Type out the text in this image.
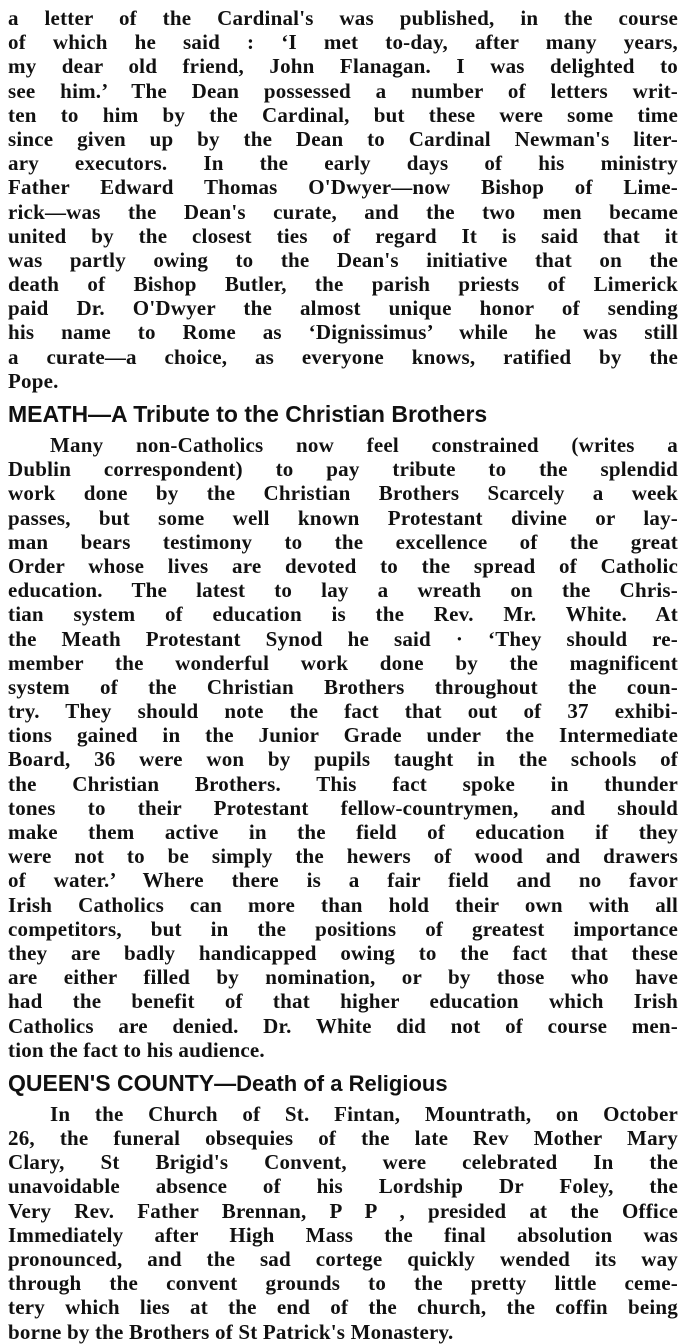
a letter of the Cardinal's was published, in the course
of which he said : ‘I met to-day, after many years,
my dear old friend, John Flanagan. I was delighted to
see him.’ The Dean possessed a number of letters writ-
ten to him by the Cardinal, but these were some time
since given up by the Dean to Cardinal Newman's liter-
ary executors. In the early days of his ministry
Father Edward Thomas O'Dwyer—now Bishop of Lime-
rick—was the Dean's curate, and the two men became
united by the closest ties of regard It is said that it
was partly owing to the Dean's initiative that on the
death of Bishop Butler, the parish priests of Limerick
paid Dr. O'Dwyer the almost unique honor of sending
his name to Rome as ‘Dignissimus’ while he was still
a curate—a choice, as everyone knows, ratified by the
Pope.
MEATH—A Tribute to the Christian Brothers
Many non-Catholics now feel constrained (writes a
Dublin correspondent) to pay tribute to the splendid
work done by the Christian Brothers Scarcely a week
passes, but some well known Protestant divine or lay-
man bears testimony to the excellence of the great
Order whose lives are devoted to the spread of Catholic
education. The latest to lay a wreath on the Chris-
tian system of education is the Rev. Mr. White. At
the Meath Protestant Synod he said · ‘They should re-
member the wonderful work done by the magnificent
system of the Christian Brothers throughout the coun-
try. They should note the fact that out of 37 exhibi-
tions gained in the Junior Grade under the Intermediate
Board, 36 were won by pupils taught in the schools of
the Christian Brothers. This fact spoke in thunder
tones to their Protestant fellow-countrymen, and should
make them active in the field of education if they
were not to be simply the hewers of wood and drawers
of water.’ Where there is a fair field and no favor
Irish Catholics can more than hold their own with all
competitors, but in the positions of greatest importance
they are badly handicapped owing to the fact that these
are either filled by nomination, or by those who have
had the benefit of that higher education which Irish
Catholics are denied. Dr. White did not of course men-
tion the fact to his audience.
QUEEN'S COUNTY—Death of a Religious
In the Church of St. Fintan, Mountrath, on October
26, the funeral obsequies of the late Rev Mother Mary
Clary, St Brigid's Convent, were celebrated In the
unavoidable absence of his Lordship Dr Foley, the
Very Rev. Father Brennan, P P , presided at the Office
Immediately after High Mass the final absolution was
pronounced, and the sad cortege quickly wended its way
through the convent grounds to the pretty little ceme-
tery which lies at the end of the church, the coffin being
borne by the Brothers of St Patrick's Monastery.
